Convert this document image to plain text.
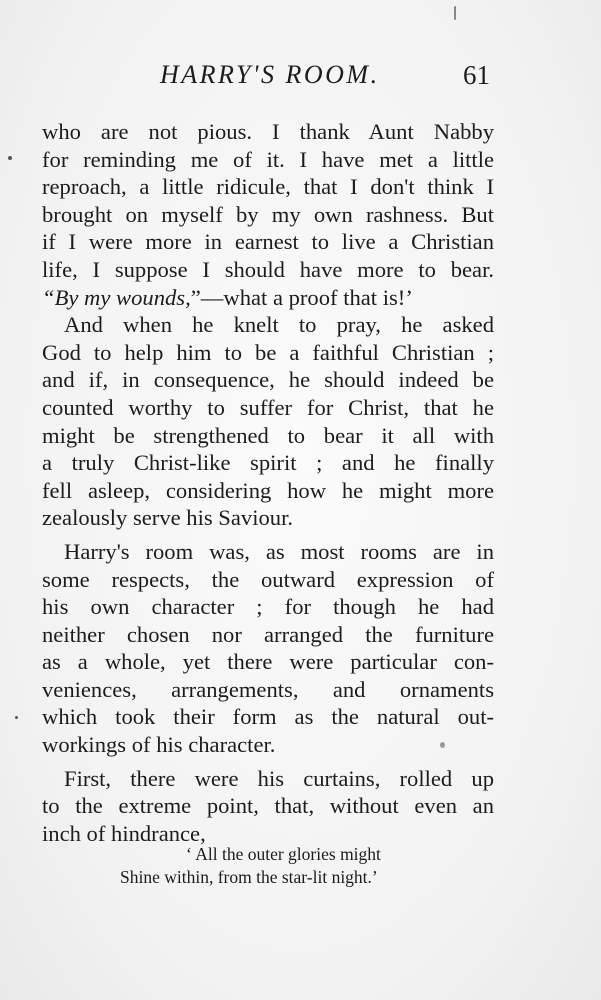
HARRY'S ROOM.	61
who are not pious. I thank Aunt Nabby
for reminding me of it. I have met a little
reproach, a little ridicule, that I don't think I
brought on myself by my own rashness. But
if I were more in earnest to live a Christian
life, I suppose I should have more to bear.
“By my wounds,”—what a proof that is!’
And when he knelt to pray, he asked
God to help him to be a faithful Christian ;
and if, in consequence, he should indeed be
counted worthy to suffer for Christ, that he
might be strengthened to bear it all with
a truly Christ-like spirit ; and he finally
fell asleep, considering how he might more
zealously serve his Saviour.
Harry's room was, as most rooms are in
some respects, the outward expression of
his own character ; for though he had
neither chosen nor arranged the furniture
as a whole, yet there were particular con-
veniences, arrangements, and ornaments
which took their form as the natural out-
workings of his character.
First, there were his curtains, rolled up
to the extreme point, that, without even an
inch of hindrance,
‘ All the outer glories might
Shine within, from the star-lit night.’
